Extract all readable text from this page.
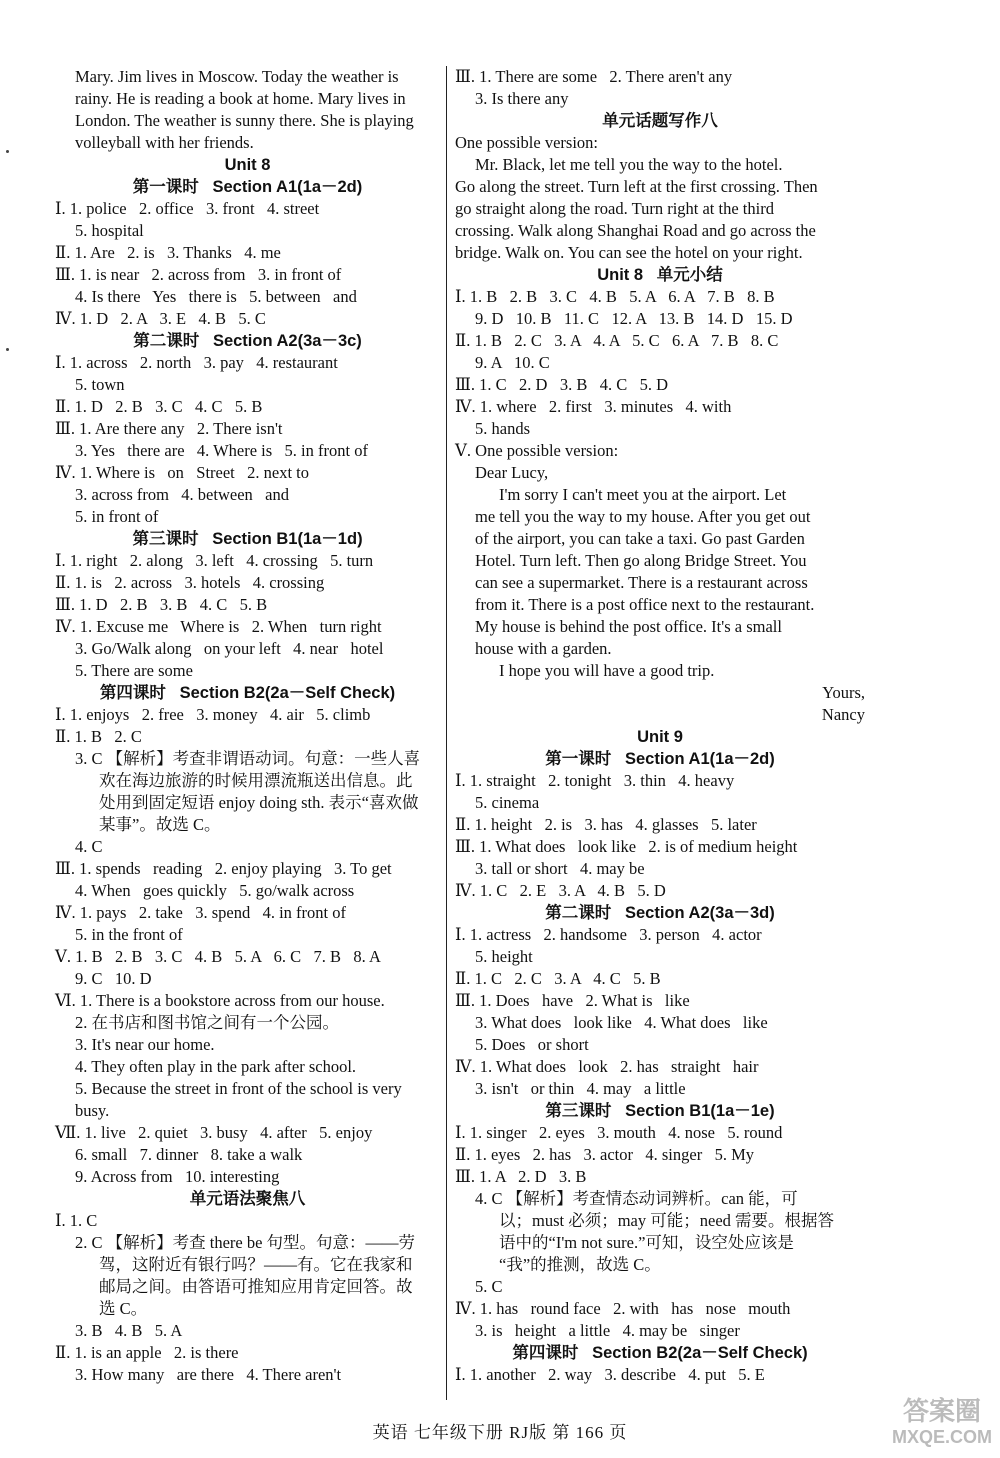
Mary. Jim lives in Moscow. Today the weather is
rainy. He is reading a book at home. Mary lives in
London. The weather is sunny there. She is playing
volleyball with her friends.
Unit 8
第一课时   Section A1(1a－2d)
Ⅰ. 1. police   2. office   3. front   4. street
5. hospital
Ⅱ. 1. Are   2. is   3. Thanks   4. me
Ⅲ. 1. is near   2. across from   3. in front of
4. Is there   Yes   there is   5. between   and
Ⅳ. 1. D   2. A   3. E   4. B   5. C
第二课时   Section A2(3a－3c)
Ⅰ. 1. across   2. north   3. pay   4. restaurant
5. town
Ⅱ. 1. D   2. B   3. C   4. C   5. B
Ⅲ. 1. Are there any   2. There isn't
3. Yes   there are   4. Where is   5. in front of
Ⅳ. 1. Where is   on   Street   2. next to
3. across from   4. between   and
5. in front of
第三课时   Section B1(1a－1d)
Ⅰ. 1. right   2. along   3. left   4. crossing   5. turn
Ⅱ. 1. is   2. across   3. hotels   4. crossing
Ⅲ. 1. D   2. B   3. B   4. C   5. B
Ⅳ. 1. Excuse me   Where is   2. When   turn right
3. Go/Walk along   on your left   4. near   hotel
5. There are some
第四课时   Section B2(2a－Self Check)
Ⅰ. 1. enjoys   2. free   3. money   4. air   5. climb
Ⅱ. 1. B   2. C
3. C 【解析】考查非谓语动词。句意：一些人喜
欢在海边旅游的时候用漂流瓶送出信息。此
处用到固定短语 enjoy doing sth. 表示“喜欢做
某事”。故选 C。
4. C
Ⅲ. 1. spends   reading   2. enjoy playing   3. To get
4. When   goes quickly   5. go/walk across
Ⅳ. 1. pays   2. take   3. spend   4. in front of
5. in the front of
Ⅴ. 1. B   2. B   3. C   4. B   5. A   6. C   7. B   8. A
9. C   10. D
Ⅵ. 1. There is a bookstore across from our house.
2. 在书店和图书馆之间有一个公园。
3. It's near our home.
4. They often play in the park after school.
5. Because the street in front of the school is very
busy.
Ⅶ. 1. live   2. quiet   3. busy   4. after   5. enjoy
6. small   7. dinner   8. take a walk
9. Across from   10. interesting
单元语法聚焦八
Ⅰ. 1. C
2. C 【解析】考查 there be 句型。句意：——劳
驾，这附近有银行吗？——有。它在我家和
邮局之间。由答语可推知应用肯定回答。故
选 C。
3. B   4. B   5. A
Ⅱ. 1. is an apple   2. is there
3. How many   are there   4. There aren't
Ⅲ. 1. There are some   2. There aren't any
3. Is there any
单元话题写作八
One possible version:
Mr. Black, let me tell you the way to the hotel.
Go along the street. Turn left at the first crossing. Then
go straight along the road. Turn right at the third
crossing. Walk along Shanghai Road and go across the
bridge. Walk on. You can see the hotel on your right.
Unit 8   单元小结
Ⅰ. 1. B   2. B   3. C   4. B   5. A   6. A   7. B   8. B
9. D   10. B   11. C   12. A   13. B   14. D   15. D
Ⅱ. 1. B   2. C   3. A   4. A   5. C   6. A   7. B   8. C
9. A   10. C
Ⅲ. 1. C   2. D   3. B   4. C   5. D
Ⅳ. 1. where   2. first   3. minutes   4. with
5. hands
Ⅴ. One possible version:
Dear Lucy,
I'm sorry I can't meet you at the airport. Let
me tell you the way to my house. After you get out
of the airport, you can take a taxi. Go past Garden
Hotel. Turn left. Then go along Bridge Street. You
can see a supermarket. There is a restaurant across
from it. There is a post office next to the restaurant.
My house is behind the post office. It's a small
house with a garden.
I hope you will have a good trip.
Yours,
Nancy
Unit 9
第一课时   Section A1(1a－2d)
Ⅰ. 1. straight   2. tonight   3. thin   4. heavy
5. cinema
Ⅱ. 1. height   2. is   3. has   4. glasses   5. later
Ⅲ. 1. What does   look like   2. is of medium height
3. tall or short   4. may be
Ⅳ. 1. C   2. E   3. A   4. B   5. D
第二课时   Section A2(3a－3d)
Ⅰ. 1. actress   2. handsome   3. person   4. actor
5. height
Ⅱ. 1. C   2. C   3. A   4. C   5. B
Ⅲ. 1. Does   have   2. What is   like
3. What does   look like   4. What does   like
5. Does   or short
Ⅳ. 1. What does   look   2. has   straight   hair
3. isn't   or thin   4. may   a little
第三课时   Section B1(1a－1e)
Ⅰ. 1. singer   2. eyes   3. mouth   4. nose   5. round
Ⅱ. 1. eyes   2. has   3. actor   4. singer   5. My
Ⅲ. 1. A   2. D   3. B
4. C 【解析】考查情态动词辨析。can 能，可
以；must 必须；may 可能；need 需要。根据答
语中的“I'm not sure.”可知，设空处应该是
“我”的推测，故选 C。
5. C
Ⅳ. 1. has   round face   2. with   has   nose   mouth
3. is   height   a little   4. may be   singer
第四课时   Section B2(2a－Self Check)
Ⅰ. 1. another   2. way   3. describe   4. put   5. E
英语 七年级下册 RJ版 第 166 页
答案圈
MXQE.COM
